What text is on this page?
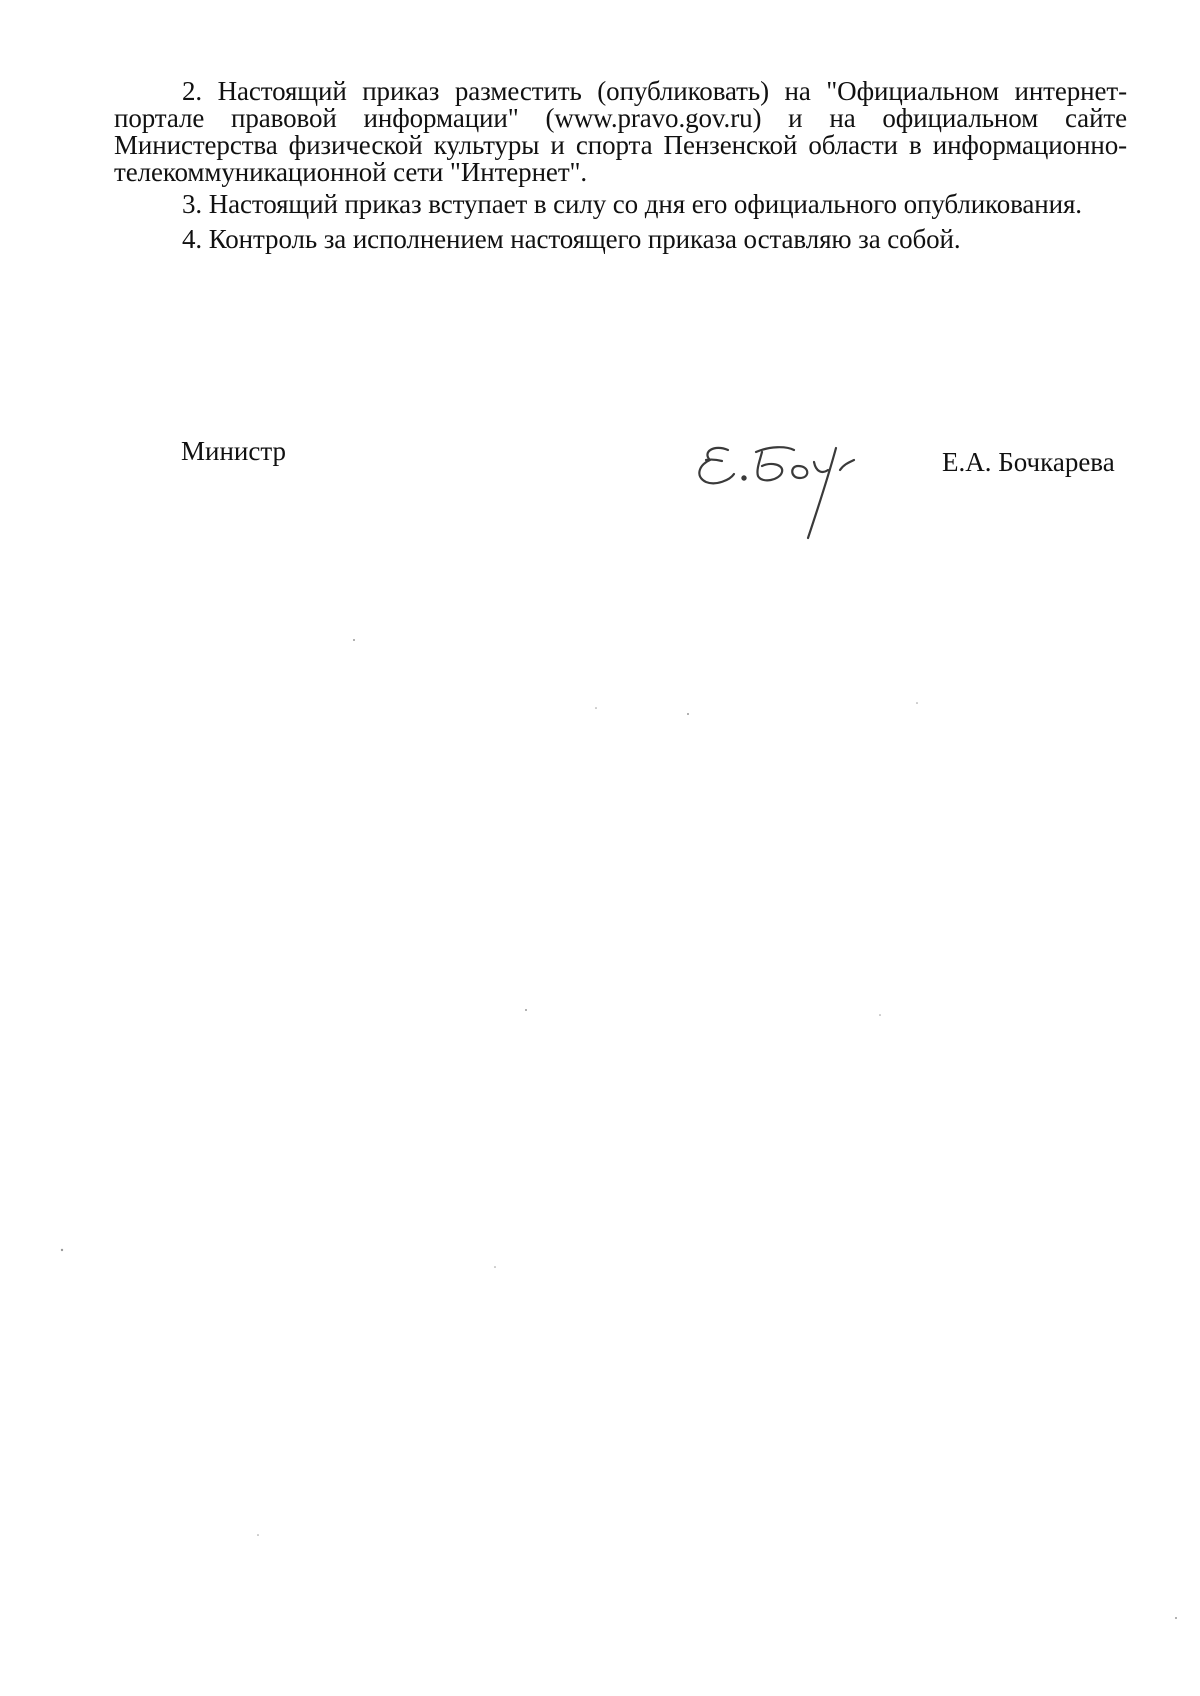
2. Настоящий приказ разместить (опубликовать) на "Официальном интернет-портале правовой информации" (www.pravo.gov.ru) и на официальном сайте Министерства физической культуры и спорта Пензенской области в информационно-телекоммуникационной сети "Интернет".

3. Настоящий приказ вступает в силу со дня его официального опубликования.

4. Контроль за исполнением настоящего приказа оставляю за собой.

Министр	Е.А. Бочкарева
